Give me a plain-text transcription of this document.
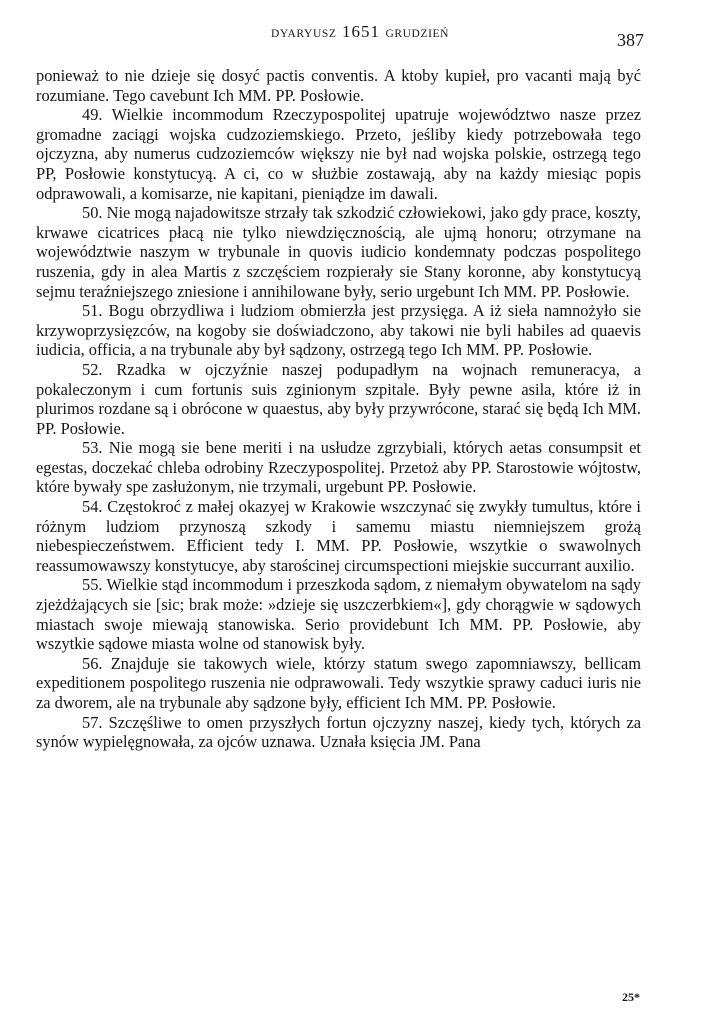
DYARYUSZ 1651 GRUDZIEŃ	387

ponieważ to nie dzieje się dosyć pactis conventis. A ktoby kupieł, pro vacanti mają być rozumiane. Tego cavebunt Ich MM. PP. Posłowie.

49. Wielkie incommodum Rzeczypospolitej upatruje województwo nasze przez gromadne zaciągi wojska cudzoziemskiego. Przeto, jeśliby kiedy potrzebowała tego ojczyzna, aby numerus cudzoziemców większy nie był nad wojska polskie, ostrzegą tego PP, Posłowie konstytucyą. A ci, co w służbie zostawają, aby na każdy miesiąc popis odprawowali, a komisarze, nie kapitani, pieniądze im dawali.

50. Nie mogą najadowitsze strzały tak szkodzić człowiekowi, jako gdy prace, koszty, krwawe cicatrices płacą nie tylko niewdzięcznością, ale ujmą honoru; otrzymane na województwie naszym w trybunale in quovis iudicio kondemnaty podczas pospolitego ruszenia, gdy in alea Martis z szczęściem rozpierały sie Stany koronne, aby konstytucyą sejmu teraźniejszego zniesione i annihilowane były, serio urgebunt Ich MM. PP. Posłowie.

51. Bogu obrzydliwa i ludziom obmierzła jest przysięga. A iż sieła namnożyło sie krzywoprzysięzców, na kogoby sie doświadczono, aby takowi nie byli habiles ad quaevis iudicia, officia, a na trybunale aby był sądzony, ostrzegą tego Ich MM. PP. Posłowie.

52. Rzadka w ojczyźnie naszej podupadłym na wojnach remuneracya, a pokaleczonym i cum fortunis suis zginionym szpitale. Były pewne asila, które iż in plurimos rozdane są i obrócone w quaestus, aby były przywrócone, starać się będą Ich MM. PP. Posłowie.

53. Nie mogą sie bene meriti i na usłudze zgrzybiali, których aetas consumpsit et egestas, doczekać chleba odrobiny Rzeczypospolitej. Przetoż aby PP. Starostowie wójtostw, które bywały spe zasłużonym, nie trzymali, urgebunt PP. Posłowie.

54. Częstokroć z małej okazyej w Krakowie wszczynać się zwykły tumultus, które i różnym ludziom przynoszą szkody i samemu miastu niemniejszem grożą niebespieczeństwem. Efficient tedy I. MM. PP. Posłowie, wszytkie o swawolnych reassumowawszy konstytucye, aby starościnej circumspectioni miejskie succurrant auxilio.

55. Wielkie stąd incommodum i przeszkoda sądom, z niemałym obywatelom na sądy zjeżdżających sie [sic; brak może: »dzieje się uszczerbkiem«], gdy chorągwie w sądowych miastach swoje miewają stanowiska. Serio providebunt Ich MM. PP. Posłowie, aby wszytkie sądowe miasta wolne od stanowisk były.

56. Znajduje sie takowych wiele, którzy statum swego zapomniawszy, bellicam expeditionem pospolitego ruszenia nie odprawowali. Tedy wszytkie sprawy caduci iuris nie za dworem, ale na trybunale aby sądzone były, efficient Ich MM. PP. Posłowie.

57. Szczęśliwe to omen przyszłych fortun ojczyzny naszej, kiedy tych, których za synów wypielęgnowała, za ojców uznawa. Uznała księcia JM. Pana

25*
